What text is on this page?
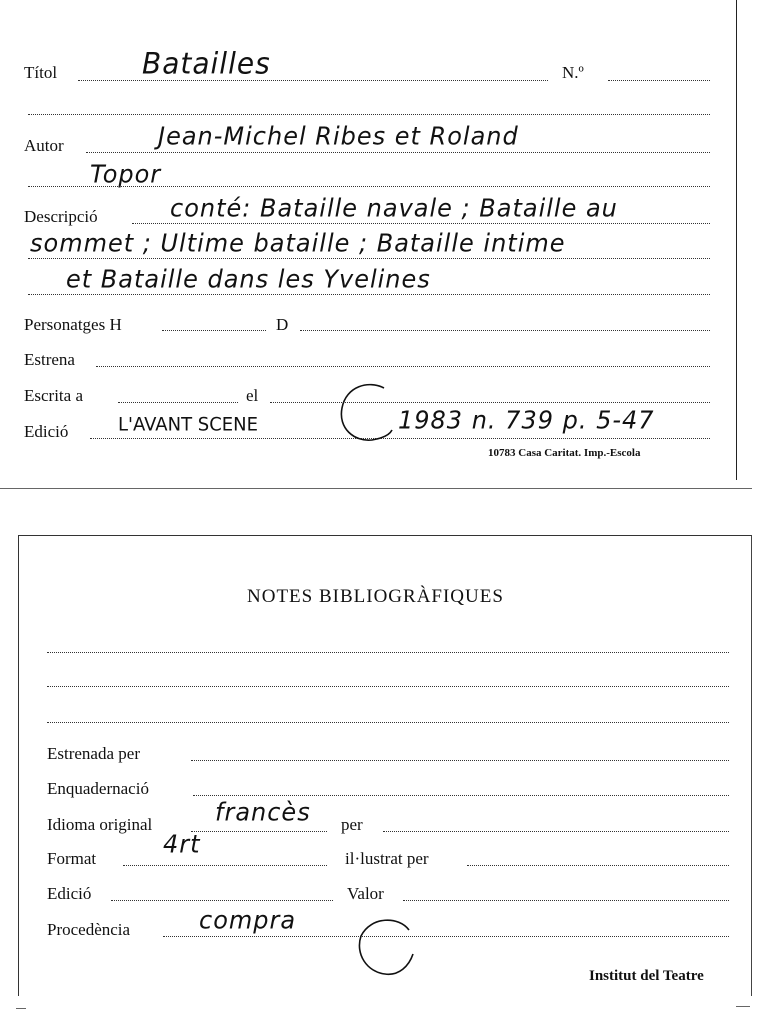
Títol	Batailles	N.º
Autor	Jean-Michel Ribes et Roland
Topor
Descripció	conté: Bataille navale ; Bataille au
sommet ; Ultime bataille ; Bataille intime
et Bataille dans les Yvelines
Personatges H	D
Estrena
Escrita a	el
Edició	L'AVANT SCENE	1983 n. 739 p. 5-47
10783 Casa Caritat. Imp.-Escola
NOTES BIBLIOGRÀFIQUES
Estrenada per
Enquadernació
Idioma original	francès per
Format	4rt	il·lustrat per
Edició	Valor
Procedència	compra
Institut del Teatre
